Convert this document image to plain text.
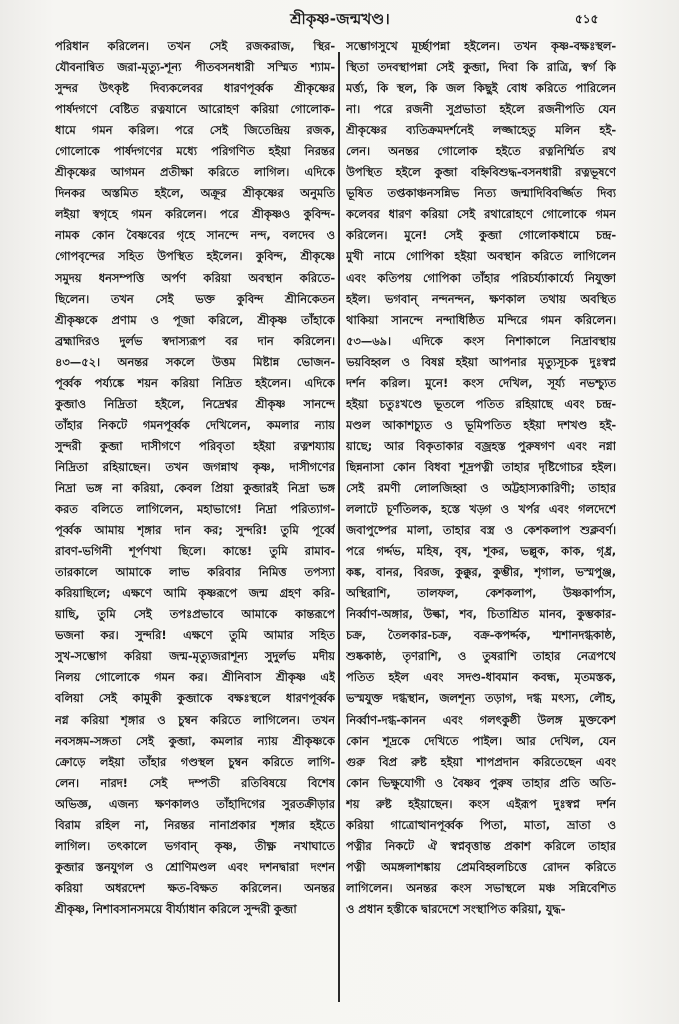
শ্রীকৃষ্ণ-জন্মখণ্ড।	৫১৫
পরিধান করিলেন। তখন সেই রজকরাজ, স্থির-
যৌবনান্বিত জরা-মৃত্যু-শূন্য পীতবসনধারী সস্মিত শ্যাম-
সুন্দর উৎকৃষ্ট দিব্যকলেবর ধারণপূর্ব্বক শ্রীকৃষ্ণের
পার্ষদগণে বেষ্টিত রত্নযানে আরোহণ করিয়া গোলোক-
ধামে গমন করিল। পরে সেই জিতেন্দ্রিয় রজক,
গোলোকে পার্ষদগণের মধ্যে পরিগণিত হইয়া নিরন্তর
শ্রীকৃষ্ণের আগমন প্রতীক্ষা করিতে লাগিল। এদিকে
দিনকর অস্তমিত হইলে, অক্রূর শ্রীকৃষ্ণের অনুমতি
লইয়া স্বগৃহে গমন করিলেন। পরে শ্রীকৃষ্ণও কুবিন্দ-
নামক কোন বৈষ্ণবের গৃহে সানন্দে নন্দ, বলদেব ও
গোপবৃন্দের সহিত উপস্থিত হইলেন। কুবিন্দ, শ্রীকৃষ্ণে
সমুদয় ধনসম্পত্তি অর্পণ করিয়া অবস্থান করিতে-
ছিলেন। তখন সেই ভক্ত কুবিন্দ শ্রীনিকেতন
শ্রীকৃষ্ণকে প্রণাম ও পূজা করিলে, শ্রীকৃষ্ণ তাঁহাকে
ব্রহ্মাদিরও দুর্লভ স্বদাস্যরূপ বর দান করিলেন।
৪৩—৫২। অনন্তর সকলে উত্তম মিষ্টান্ন ভোজন-
পূর্ব্বক পর্য্যঙ্কে শয়ন করিয়া নিদ্রিত হইলেন। এদিকে
কুব্জাও নিদ্রিতা হইলে, নিদ্রেশ্বর শ্রীকৃষ্ণ সানন্দে
তাঁহার নিকটে গমনপূর্ব্বক দেখিলেন, কমলার ন্যায়
সুন্দরী কুব্জা দাসীগণে পরিবৃতা হইয়া রত্নশয্যায়
নিদ্রিতা রহিয়াছেন। তখন জগন্নাথ কৃষ্ণ, দাসীগণের
নিদ্রা ভঙ্গ না করিয়া, কেবল প্রিয়া কুব্জারই নিদ্রা ভঙ্গ
করত বলিতে লাগিলেন, মহাভাগে! নিদ্রা পরিত্যাগ-
পূর্ব্বক আমায় শৃঙ্গার দান কর; সুন্দরি! তুমি পূর্ব্বে
রাবণ-ভগিনী শূর্পণখা ছিলে। কান্তে! তুমি রামাব-
তারকালে আমাকে লাভ করিবার নিমিত্ত তপস্যা
করিয়াছিলে; এক্ষণে আমি কৃষ্ণরূপে জন্ম গ্রহণ করি-
য়াছি, তুমি সেই তপঃপ্রভাবে আমাকে কান্তরূপে
ভজনা কর। সুন্দরি! এক্ষণে তুমি আমার সহিত
সুখ-সম্ভোগ করিয়া জন্ম-মৃত্যুজরাশূন্য সুদুর্লভ মদীয়
নিলয় গোলোকে গমন কর। শ্রীনিবাস শ্রীকৃষ্ণ এই
বলিয়া সেই কামুকী কুব্জাকে বক্ষঃস্থলে ধারণপূর্ব্বক
নগ্ন করিয়া শৃঙ্গার ও চুম্বন করিতে লাগিলেন। তখন
নবসঙ্গম-সঙ্গতা সেই কুব্জা, কমলার ন্যায় শ্রীকৃষ্ণকে
ক্রোড়ে লইয়া তাঁহার গণ্ডস্থল চুম্বন করিতে লাগি-
লেন। নারদ! সেই দম্পতী রতিবিষয়ে বিশেষ
অভিজ্ঞ, এজন্য ক্ষণকালও তাঁহাদিগের সুরতক্রীড়ার
বিরাম রহিল না, নিরন্তর নানাপ্রকার শৃঙ্গার হইতে
লাগিল। তৎকালে ভগবান্ কৃষ্ণ, তীক্ষ্ণ নখাঘাতে
কুব্জার স্তনযুগল ও শ্রোণিমণ্ডল এবং দশনদ্বারা দংশন
করিয়া অধরদেশ ক্ষত-বিক্ষত করিলেন। অনন্তর
শ্রীকৃষ্ণ, নিশাবসানসময়ে বীর্য্যাধান করিলে সুন্দরী কুব্জা
সম্ভোগসুখে মূর্চ্ছাপন্না হইলেন। তখন কৃষ্ণ-বক্ষঃস্থল-
স্থিতা তদবস্থাপন্না সেই কুব্জা, দিবা কি রাত্রি, স্বর্গ কি
মর্ত্ত্য, কি স্থল, কি জল কিছুই বোধ করিতে পারিলেন
না। পরে রজনী সুপ্রভাতা হইলে রজনীপতি যেন
শ্রীকৃষ্ণের ব্যতিক্রমদর্শনেই লজ্জাহেতু মলিন হই-
লেন। অনন্তর গোলোক হইতে রত্ননির্ম্মিত রথ
উপস্থিত হইলে কুব্জা বহ্নিবিশুদ্ধ-বসনধারী রত্নভূষণে
ভূষিত তপ্তকাঞ্চনসন্নিভ নিত্য জন্মাদিবিবর্জ্জিত দিব্য
কলেবর ধারণ করিয়া সেই রথারোহণে গোলোকে গমন
করিলেন। মুনে! সেই কুব্জা গোলোকধামে চন্দ্র-
মুখী নামে গোপিকা হইয়া অবস্থান করিতে লাগিলেন
এবং কতিপয় গোপিকা তাঁহার পরিচর্য্যাকার্য্যে নিযুক্তা
হইল। ভগবান্ নন্দনন্দন, ক্ষণকাল তথায় অবস্থিত
থাকিয়া সানন্দে নন্দাধিষ্ঠিত মন্দিরে গমন করিলেন।
৫৩—৬৯। এদিকে কংস নিশাকালে নিদ্রাবস্থায়
ভয়বিহ্বল ও বিষণ্ণ হইয়া আপনার মৃত্যুসূচক দুঃস্বপ্ন
দর্শন করিল। মুনে! কংস দেখিল, সূর্য্য নভশ্চ্যুত
হইয়া চতুঃখণ্ডে ভূতলে পতিত রহিয়াছে এবং চন্দ্র-
মণ্ডল আকাশচ্যুত ও ভূমিপতিত হইয়া দশখণ্ড হই-
য়াছে; আর বিকৃতাকার বজ্রহস্ত পুরুষগণ এবং নগ্না
ছিন্ননাসা কোন বিধবা শূদ্রপত্নী তাহার দৃষ্টিগোচর হইল।
সেই রমণী লোলজিহ্বা ও অট্টহাস্যকারিণী; তাহার
ললাটে চূর্ণতিলক, হস্তে খড়্গ ও খর্পর এবং গলদেশে
জবাপুষ্পের মালা, তাহার বস্ত্র ও কেশকলাপ শুক্লবর্ণ।
পরে গর্দ্দভ, মহিষ, বৃষ, শূকর, ভল্লুক, কাক, গৃধ্র,
কঙ্ক, বানর, বিরজ, কুক্কুর, কুম্ভীর, শৃগাল, ভস্মপুঞ্জ,
অস্থিরাশি, তালফল, কেশকলাপ, উষ্ণকার্পাস,
নির্ব্বাণ-অঙ্গার, উল্কা, শব, চিতাশ্রিত মানব, কুম্ভকার-
চক্র, তৈলকার-চক্র, বক্র-কপর্দ্দক, শ্মশানদগ্ধকাষ্ঠ,
শুষ্ককাষ্ঠ, তৃণরাশি, ও তুষরাশি তাহার নেত্রপথে
পতিত হইল এবং সদণ্ড-ধাবমান কবন্ধ, মৃতমস্তক,
ভস্মযুক্ত দগ্ধস্থান, জলশূন্য তড়াগ, দগ্ধ মৎস্য, লৌহ,
নির্ব্বাণ-দগ্ধ-কানন এবং গলৎকুষ্ঠী উলঙ্গ মুক্তকেশ
কোন শূদ্রকে দেখিতে পাইল। আর দেখিল, যেন
গুরু বিপ্র রুষ্ট হইয়া শাপপ্রদান করিতেছেন এবং
কোন ভিক্ষুযোগী ও বৈষ্ণব পুরুষ তাহার প্রতি অতি-
শয় রুষ্ট হইয়াছেন। কংস এইরূপ দুঃস্বপ্ন দর্শন
করিয়া গাত্রোত্থানপূর্ব্বক পিতা, মাতা, ভ্রাতা ও
পত্নীর নিকটে ঐ স্বপ্নবৃত্তান্ত প্রকাশ করিলে তাহার
পত্নী অমঙ্গলাশঙ্কায় প্রেমবিহ্বলচিত্তে রোদন করিতে
লাগিলেন। অনন্তর কংস সভাস্থলে মঞ্চ সন্নিবেশিত
ও প্রধান হস্তীকে দ্বারদেশে সংস্থাপিত করিয়া, যুদ্ধ-
